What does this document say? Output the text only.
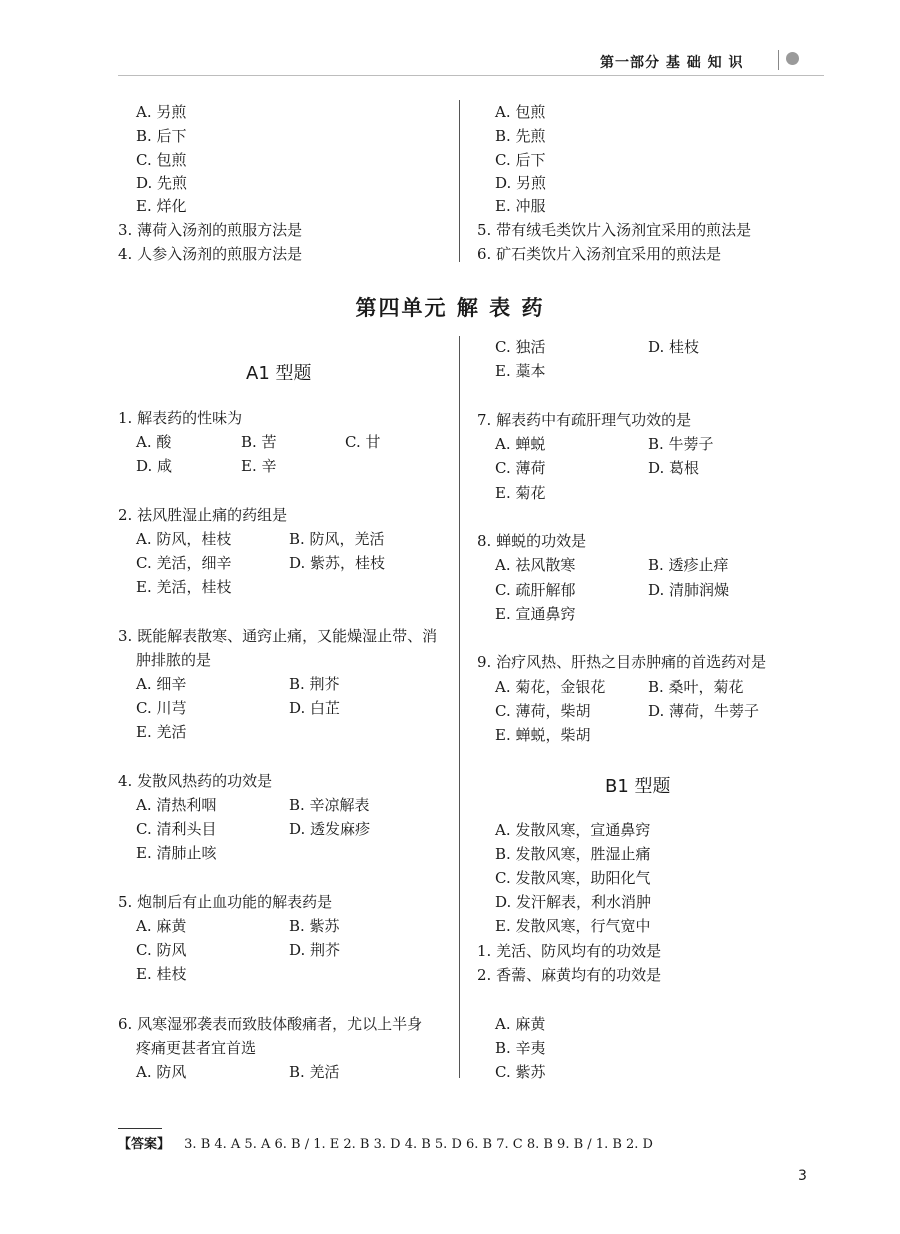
第一部分 基 础 知 识
A. 另煎
B. 后下
C. 包煎
D. 先煎
E. 烊化
3. 薄荷入汤剂的煎服方法是
4. 人参入汤剂的煎服方法是
A. 包煎
B. 先煎
C. 后下
D. 另煎
E. 冲服
5. 带有绒毛类饮片入汤剂宜采用的煎法是
6. 矿石类饮片入汤剂宜采用的煎法是
第四单元 解 表 药
A1 型题
1. 解表药的性味为
A. 酸	B. 苦	C. 甘
D. 咸	E. 辛
2. 祛风胜湿止痛的药组是
A. 防风，桂枝	B. 防风，羌活
C. 羌活，细辛	D. 紫苏，桂枝
E. 羌活，桂枝
3. 既能解表散寒、通窍止痛，又能燥湿止带、消
肿排脓的是
A. 细辛	B. 荆芥
C. 川芎	D. 白芷
E. 羌活
4. 发散风热药的功效是
A. 清热利咽	B. 辛凉解表
C. 清利头目	D. 透发麻疹
E. 清肺止咳
5. 炮制后有止血功能的解表药是
A. 麻黄	B. 紫苏
C. 防风	D. 荆芥
E. 桂枝
6. 风寒湿邪袭表而致肢体酸痛者，尤以上半身
疼痛更甚者宜首选
A. 防风	B. 羌活
C. 独活	D. 桂枝
E. 藁本
7. 解表药中有疏肝理气功效的是
A. 蝉蜕	B. 牛蒡子
C. 薄荷	D. 葛根
E. 菊花
8. 蝉蜕的功效是
A. 祛风散寒	B. 透疹止痒
C. 疏肝解郁	D. 清肺润燥
E. 宣通鼻窍
9. 治疗风热、肝热之目赤肿痛的首选药对是
A. 菊花，金银花	B. 桑叶，菊花
C. 薄荷，柴胡	D. 薄荷，牛蒡子
E. 蝉蜕，柴胡
B1 型题
A. 发散风寒，宣通鼻窍
B. 发散风寒，胜湿止痛
C. 发散风寒，助阳化气
D. 发汗解表，利水消肿
E. 发散风寒，行气宽中
1. 羌活、防风均有的功效是
2. 香薷、麻黄均有的功效是
A. 麻黄
B. 辛夷
C. 紫苏
【答案】 3. B 4. A 5. A 6. B / 1. E 2. B 3. D 4. B 5. D 6. B 7. C 8. B 9. B / 1. B 2. D
3
